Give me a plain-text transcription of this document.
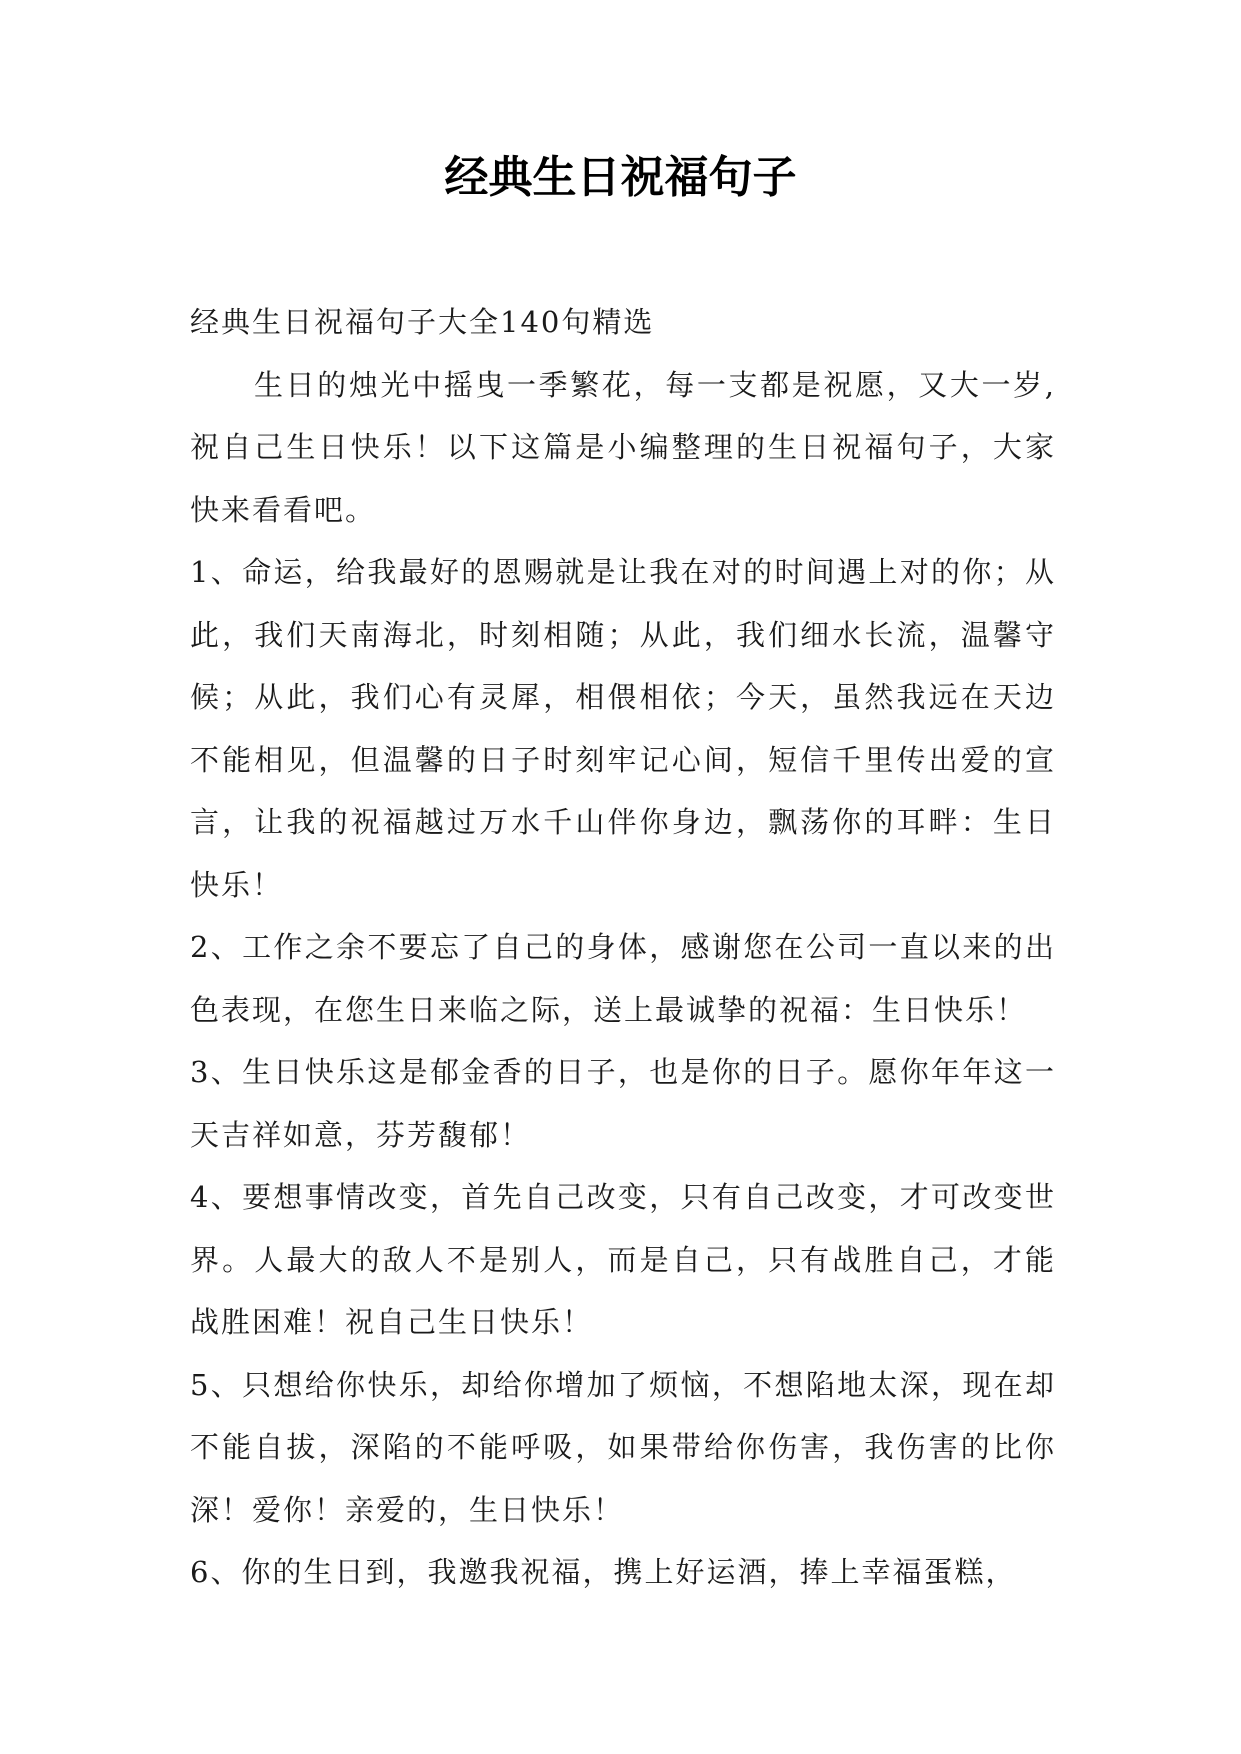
经典生日祝福句子

经典生日祝福句子大全140句精选

生日的烛光中摇曳一季繁花，每一支都是祝愿，又大一岁,祝自己生日快乐！以下这篇是小编整理的生日祝福句子，大家快来看看吧。

1、命运，给我最好的恩赐就是让我在对的时间遇上对的你；从此，我们天南海北，时刻相随；从此，我们细水长流，温馨守候；从此，我们心有灵犀，相偎相依；今天，虽然我远在天边不能相见，但温馨的日子时刻牢记心间，短信千里传出爱的宣言，让我的祝福越过万水千山伴你身边，飘荡你的耳畔：生日快乐！

2、工作之余不要忘了自己的身体，感谢您在公司一直以来的出色表现，在您生日来临之际，送上最诚挚的祝福：生日快乐！

3、生日快乐这是郁金香的日子，也是你的日子。愿你年年这一天吉祥如意，芬芳馥郁！

4、要想事情改变，首先自己改变，只有自己改变，才可改变世界。人最大的敌人不是别人，而是自己，只有战胜自己，才能战胜困难！祝自己生日快乐！

5、只想给你快乐，却给你增加了烦恼，不想陷地太深，现在却不能自拔，深陷的不能呼吸，如果带给你伤害，我伤害的比你深！爱你！亲爱的，生日快乐！

6、你的生日到，我邀我祝福，携上好运酒，捧上幸福蛋糕，
